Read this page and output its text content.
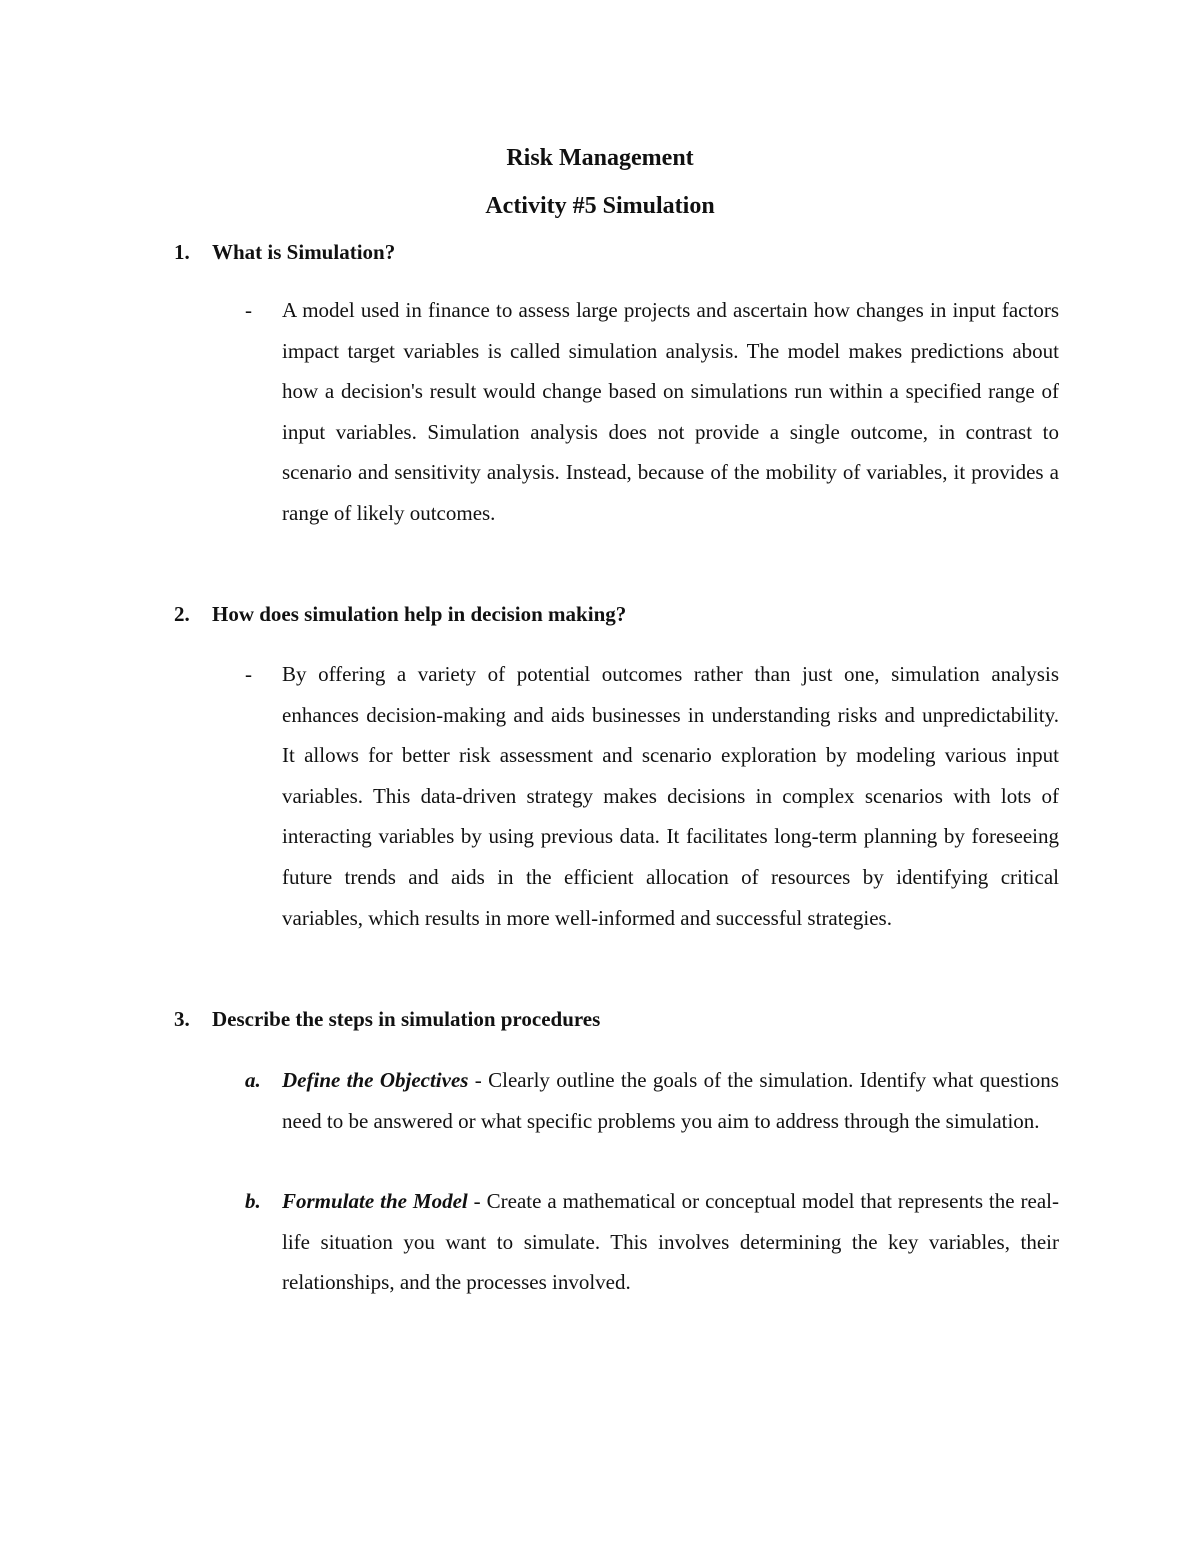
Risk Management
Activity #5 Simulation
1. What is Simulation?
- A model used in finance to assess large projects and ascertain how changes in input factors impact target variables is called simulation analysis. The model makes predictions about how a decision's result would change based on simulations run within a specified range of input variables. Simulation analysis does not provide a single outcome, in contrast to scenario and sensitivity analysis. Instead, because of the mobility of variables, it provides a range of likely outcomes.
2. How does simulation help in decision making?
- By offering a variety of potential outcomes rather than just one, simulation analysis enhances decision-making and aids businesses in understanding risks and unpredictability. It allows for better risk assessment and scenario exploration by modeling various input variables. This data-driven strategy makes decisions in complex scenarios with lots of interacting variables by using previous data. It facilitates long-term planning by foreseeing future trends and aids in the efficient allocation of resources by identifying critical variables, which results in more well-informed and successful strategies.
3. Describe the steps in simulation procedures
a. Define the Objectives - Clearly outline the goals of the simulation. Identify what questions need to be answered or what specific problems you aim to address through the simulation.
b. Formulate the Model - Create a mathematical or conceptual model that represents the real-life situation you want to simulate. This involves determining the key variables, their relationships, and the processes involved.
